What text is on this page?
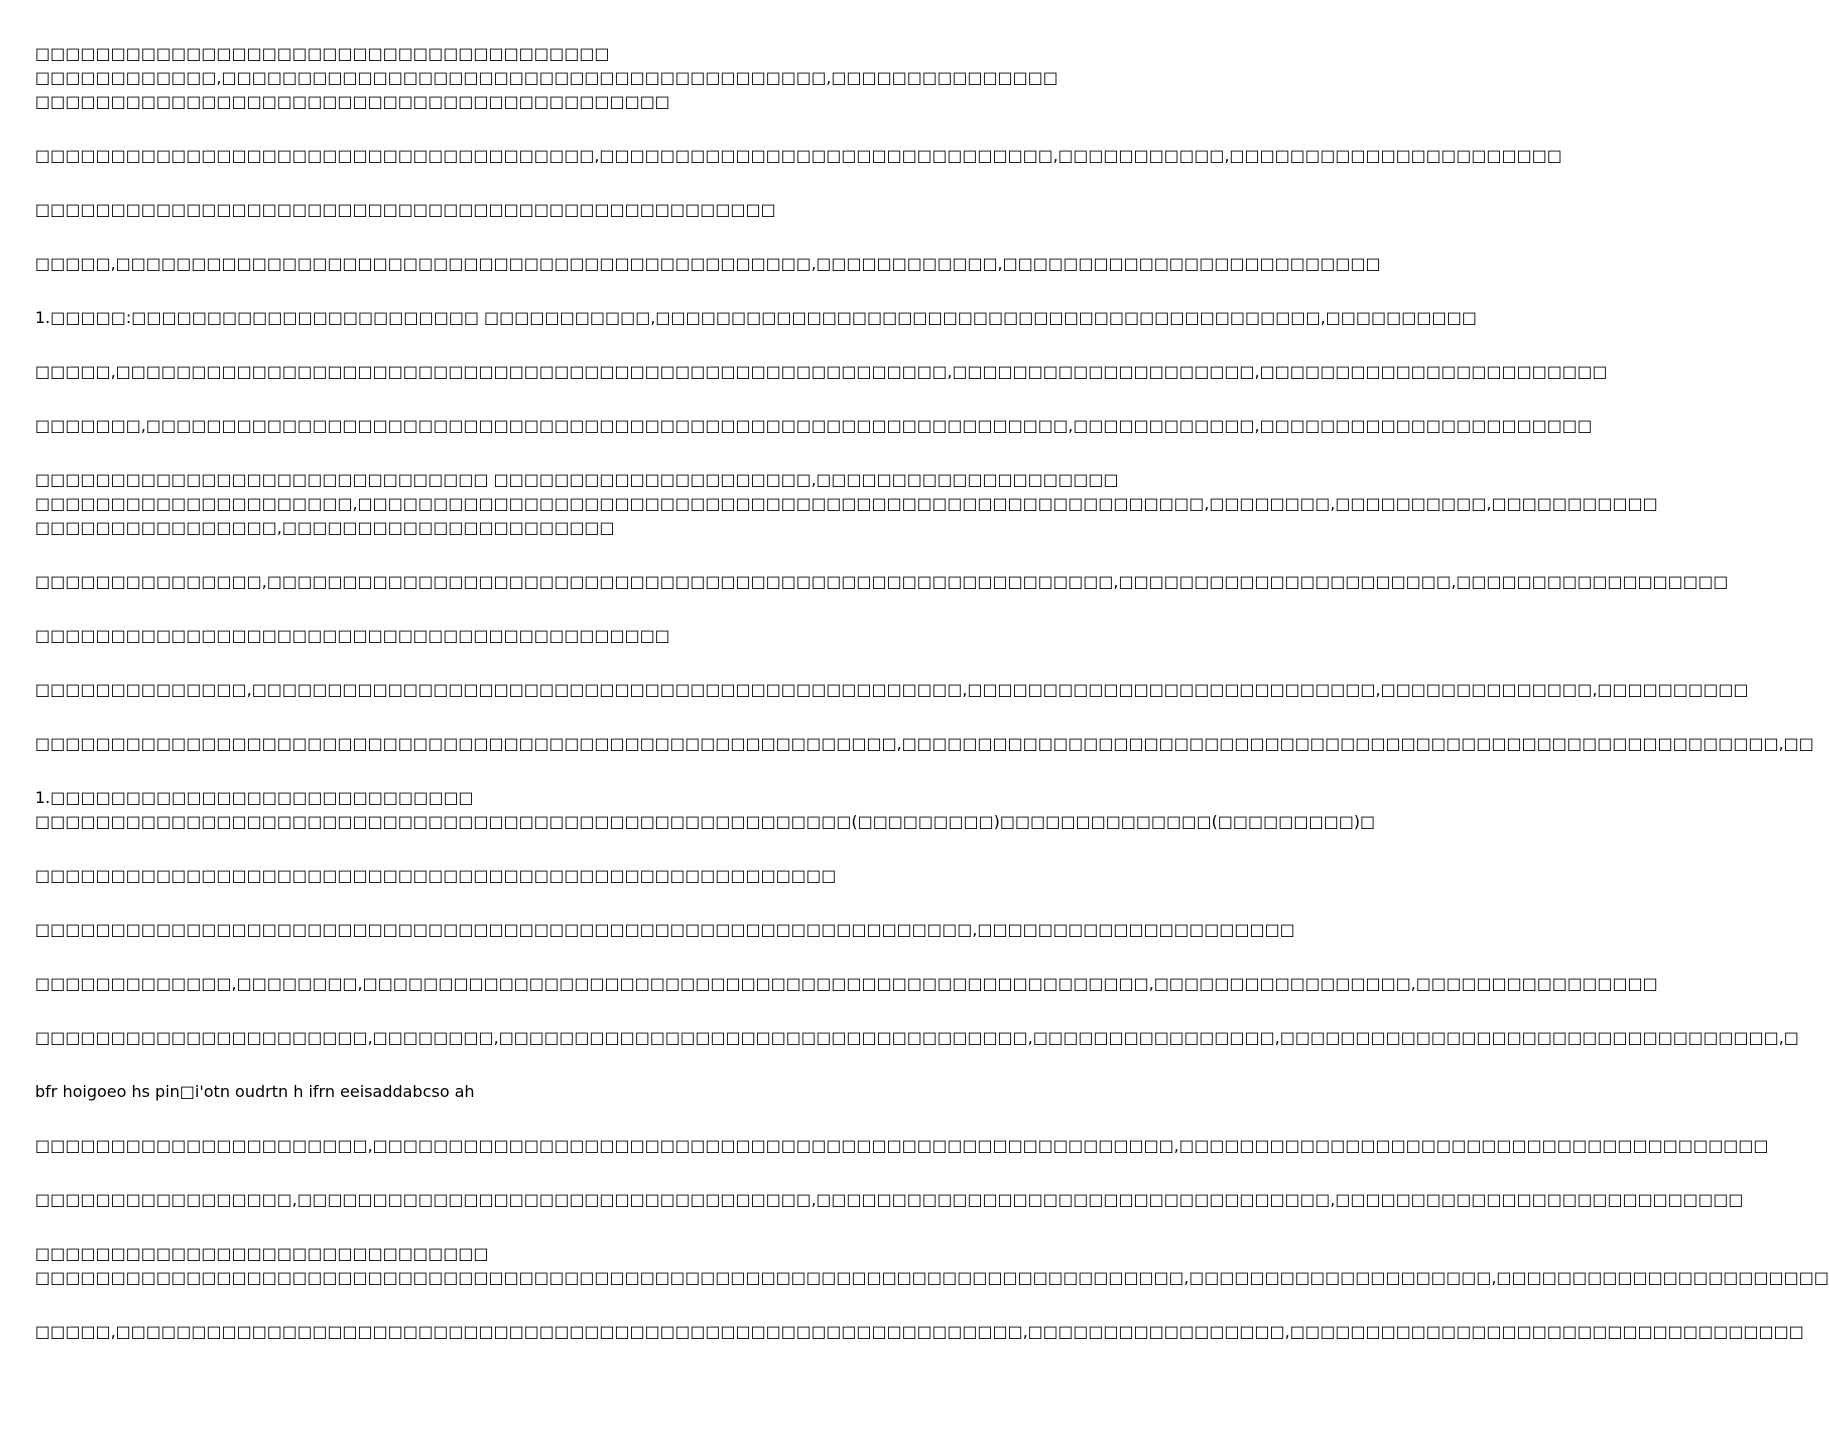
□□□□□□□□□□□□□□□□□□□□□□□□□□□□□□□□□□□□□□
□□□□□□□□□□□□,□□□□□□□□□□□□□□□□□□□□□□□□□□□□□□□□□□□□□□□□,□□□□□□□□□□□□□□□
□□□□□□□□□□□□□□□□□□□□□□□□□□□□□□□□□□□□□□□□□□
□□□□□□□□□□□□□□□□□□□□□□□□□□□□□□□□□□□□□,□□□□□□□□□□□□□□□□□□□□□□□□□□□□□□,□□□□□□□□□□□,□□□□□□□□□□□□□□□□□□□□□□
□□□□□□□□□□□□□□□□□□□□□□□□□□□□□□□□□□□□□□□□□□□□□□□□□
□□□□□,□□□□□□□□□□□□□□□□□□□□□□□□□□□□□□□□□□□□□□□□□□□□□□,□□□□□□□□□□□□,□□□□□□□□□□□□□□□□□□□□□□□□□
1.□□□□□:□□□□□□□□□□□□□□□□□□□□□□□ □□□□□□□□□□□,□□□□□□□□□□□□□□□□□□□□□□□□□□□□□□□□□□□□□□□□□□□□,□□□□□□□□□□
□□□□□,□□□□□□□□□□□□□□□□□□□□□□□□□□□□□□□□□□□□□□□□□□□□□□□□□□□□□□□,□□□□□□□□□□□□□□□□□□□□,□□□□□□□□□□□□□□□□□□□□□□□
□□□□□□□,□□□□□□□□□□□□□□□□□□□□□□□□□□□□□□□□□□□□□□□□□□□□□□□□□□□□□□□□□□□□□,□□□□□□□□□□□□,□□□□□□□□□□□□□□□□□□□□□□
□□□□□□□□□□□□□□□□□□□□□□□□□□□□□□ □□□□□□□□□□□□□□□□□□□□□,□□□□□□□□□□□□□□□□□□□□
□□□□□□□□□□□□□□□□□□□□□,□□□□□□□□□□□□□□□□□□□□□□□□□□□□□□□□□□□□□□□□□□□□□□□□□□□□□□□□,□□□□□□□□,□□□□□□□□□□,□□□□□□□□□□□
□□□□□□□□□□□□□□□□,□□□□□□□□□□□□□□□□□□□□□□
□□□□□□□□□□□□□□□,□□□□□□□□□□□□□□□□□□□□□□□□□□□□□□□□□□□□□□□□□□□□□□□□□□□□□□□□,□□□□□□□□□□□□□□□□□□□□□□,□□□□□□□□□□□□□□□□□□
□□□□□□□□□□□□□□□□□□□□□□□□□□□□□□□□□□□□□□□□□□
□□□□□□□□□□□□□□,□□□□□□□□□□□□□□□□□□□□□□□□□□□□□□□□□□□□□□□□□□□□□□□,□□□□□□□□□□□□□□□□□□□□□□□□□□□,□□□□□□□□□□□□□□,□□□□□□□□□□
□□□□□□□□□□□□□□□□□□□□□□□□□□□□□□□□□□□□□□□□□□□□□□□□□□□□□□□□□,□□□□□□□□□□□□□□□□□□□□□□□□□□□□□□□□□□□□□□□□□□□□□□□□□□□□□□□□□□,□□
1.□□□□□□□□□□□□□□□□□□□□□□□□□□□□
□□□□□□□□□□□□□□□□□□□□□□□□□□□□□□□□□□□□□□□□□□□□□□□□□□□□□□(□□□□□□□□□)□□□□□□□□□□□□□□(□□□□□□□□□)□
□□□□□□□□□□□□□□□□□□□□□□□□□□□□□□□□□□□□□□□□□□□□□□□□□□□□□
□□□□□□□□□□□□□□□□□□□□□□□□□□□□□□□□□□□□□□□□□□□□□□□□□□□□□□□□□□□□□□,□□□□□□□□□□□□□□□□□□□□□
□□□□□□□□□□□□□,□□□□□□□□,□□□□□□□□□□□□□□□□□□□□□□□□□□□□□□□□□□□□□□□□□□□□□□□□□□□□,□□□□□□□□□□□□□□□□□,□□□□□□□□□□□□□□□□
□□□□□□□□□□□□□□□□□□□□□□,□□□□□□□□,□□□□□□□□□□□□□□□□□□□□□□□□□□□□□□□□□□□,□□□□□□□□□□□□□□□□,□□□□□□□□□□□□□□□□□□□□□□□□□□□□□□□□□,□
bfr hoigoeo hs pin□i'otn oudrtn h ifrn eeisaddabcso ah
□□□□□□□□□□□□□□□□□□□□□□,□□□□□□□□□□□□□□□□□□□□□□□□□□□□□□□□□□□□□□□□□□□□□□□□□□□□□,□□□□□□□□□□□□□□□□□□□□□□□□□□□□□□□□□□□□□□□
□□□□□□□□□□□□□□□□□,□□□□□□□□□□□□□□□□□□□□□□□□□□□□□□□□□□,□□□□□□□□□□□□□□□□□□□□□□□□□□□□□□□□□□,□□□□□□□□□□□□□□□□□□□□□□□□□□□
□□□□□□□□□□□□□□□□□□□□□□□□□□□□□□
□□□□□□□□□□□□□□□□□□□□□□□□□□□□□□□□□□□□□□□□□□□□□□□□□□□□□□□□□□□□□□□□□□□□□□□□□□□□,□□□□□□□□□□□□□□□□□□□□,□□□□□□□□□□□□□□□□□□□□□□
□□□□□,□□□□□□□□□□□□□□□□□□□□□□□□□□□□□□□□□□□□□□□□□□□□□□□□□□□□□□□□□□□□,□□□□□□□□□□□□□□□□□,□□□□□□□□□□□□□□□□□□□□□□□□□□□□□□□□□□
